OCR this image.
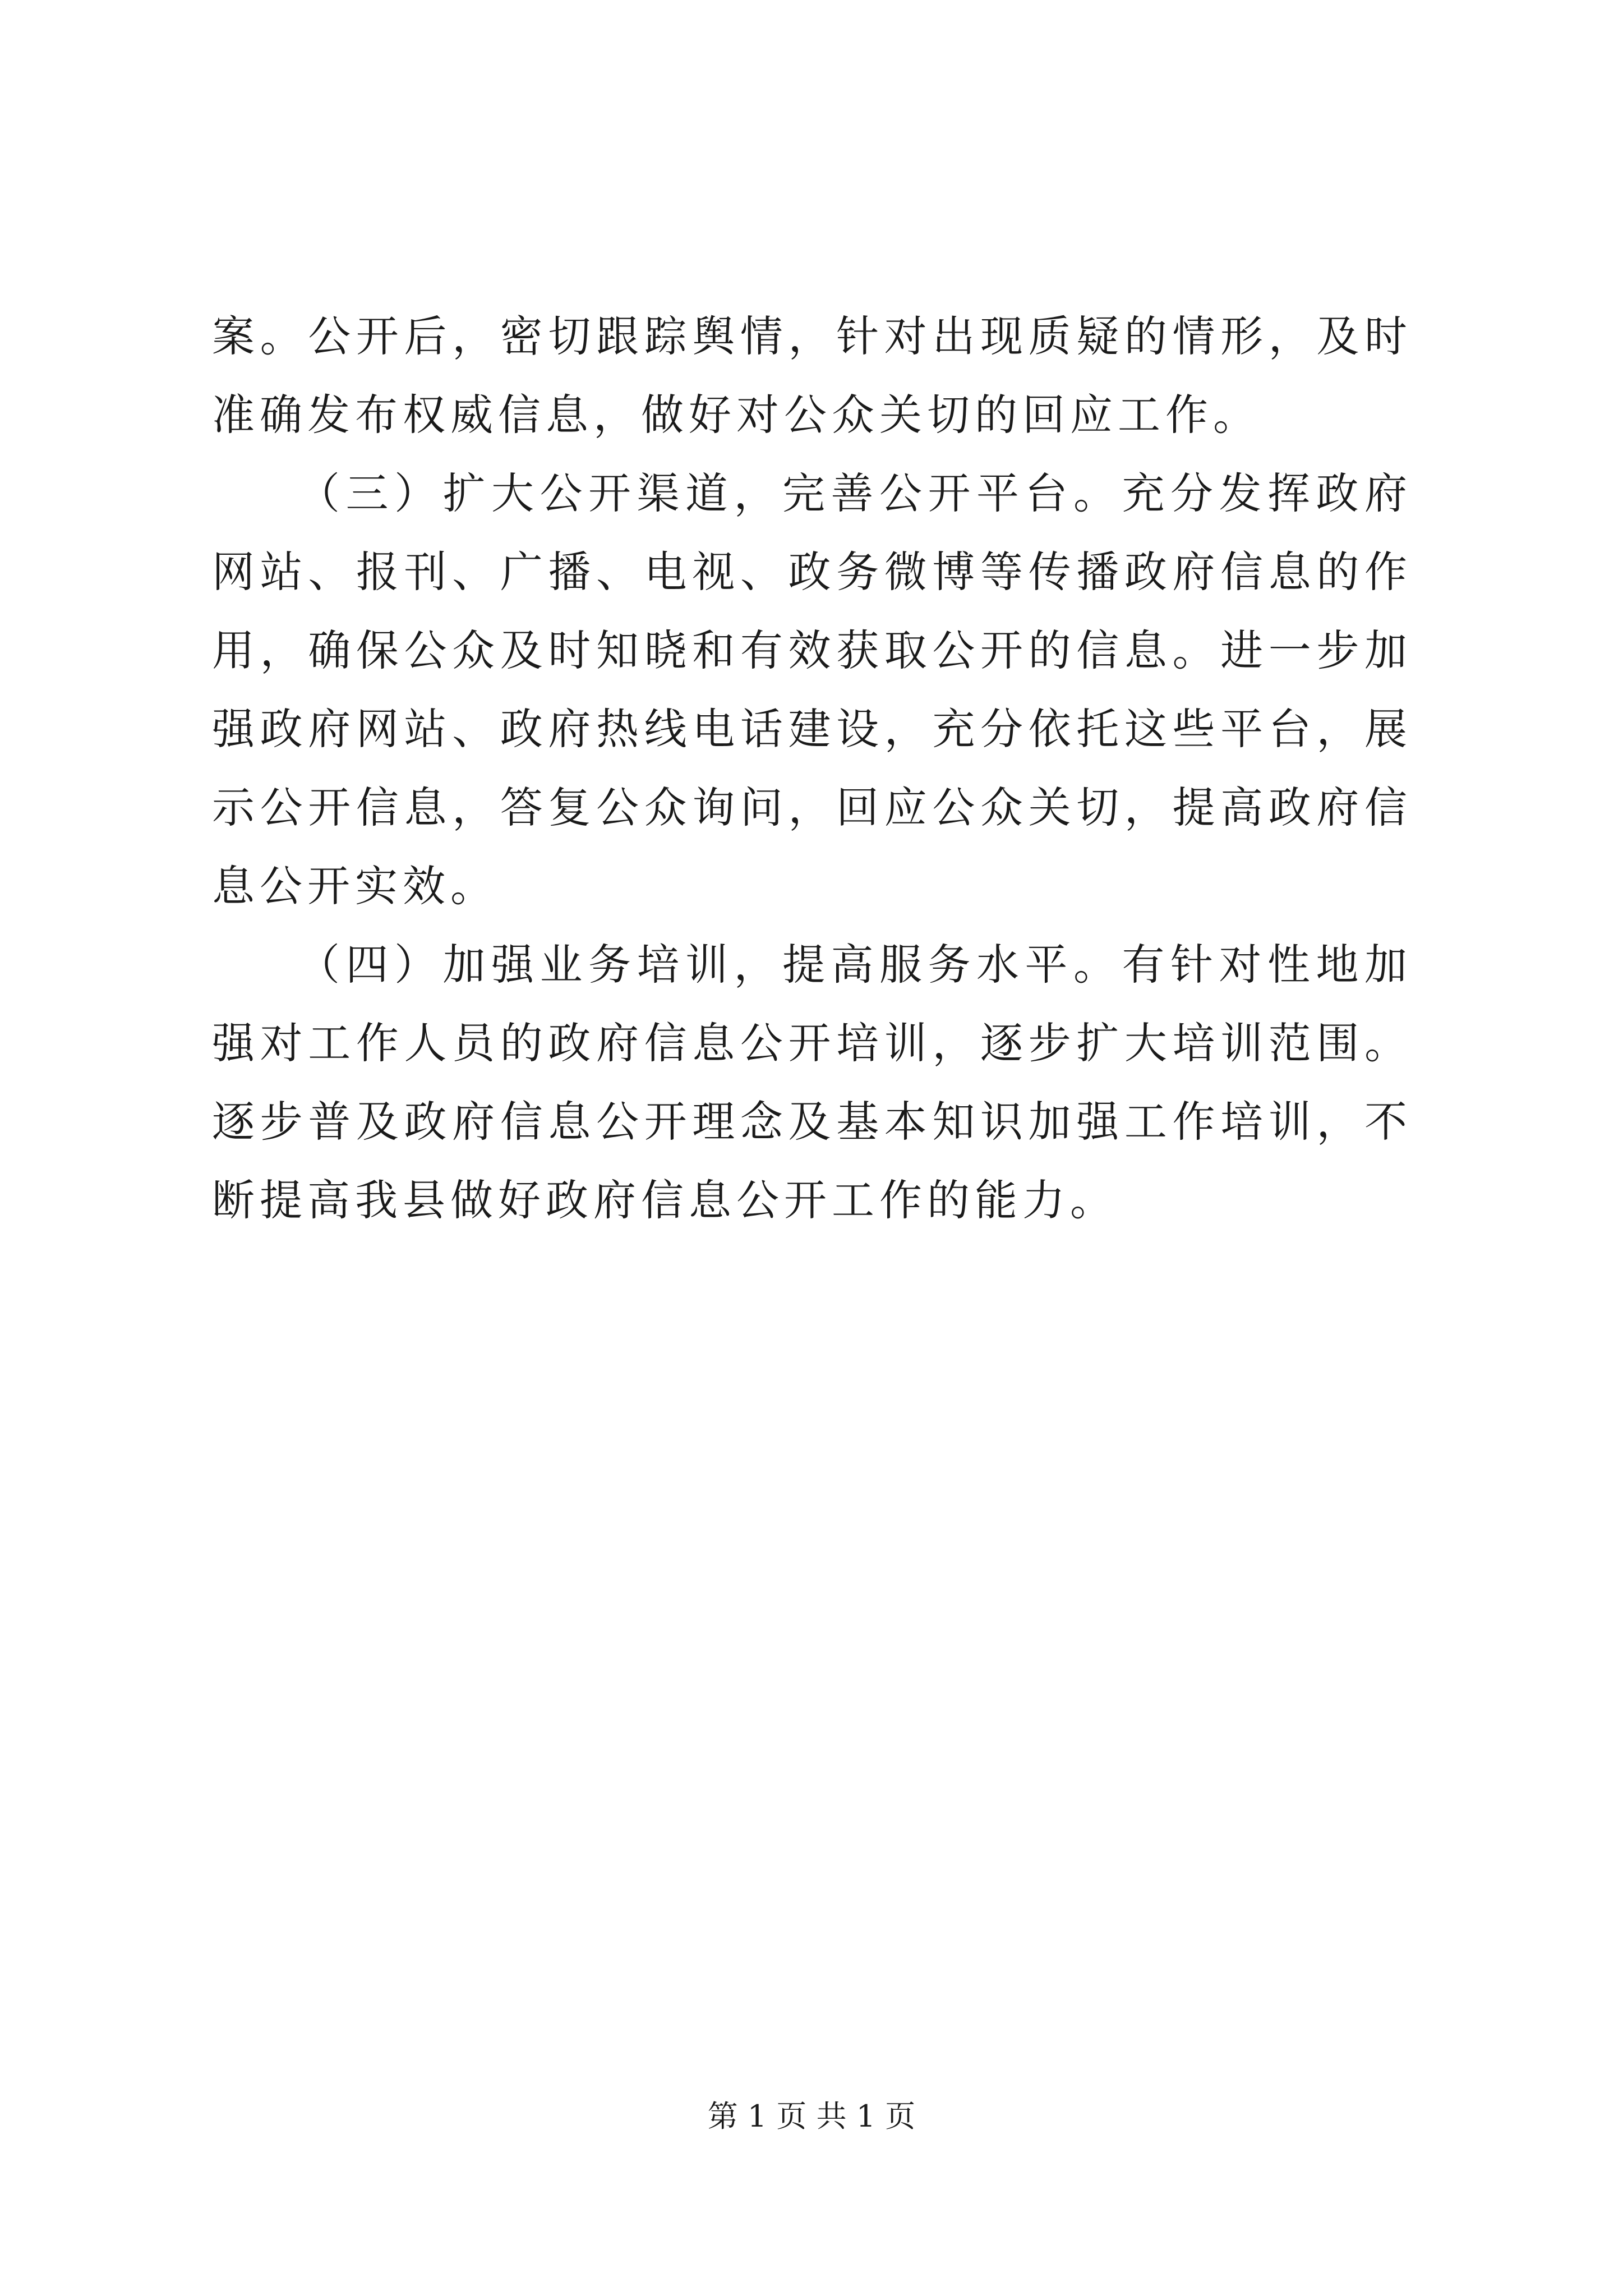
案。公开后，密切跟踪舆情，针对出现质疑的情形，及时准确发布权威信息，做好对公众关切的回应工作。

（三）扩大公开渠道，完善公开平台。充分发挥政府网站、报刊、广播、电视、政务微博等传播政府信息的作用，确保公众及时知晓和有效获取公开的信息。进一步加强政府网站、政府热线电话建设，充分依托这些平台，展示公开信息，答复公众询问，回应公众关切，提高政府信息公开实效。

（四）加强业务培训，提高服务水平。有针对性地加强对工作人员的政府信息公开培训，逐步扩大培训范围。逐步普及政府信息公开理念及基本知识加强工作培训，不断提高我县做好政府信息公开工作的能力。

第 1 页 共 1 页
